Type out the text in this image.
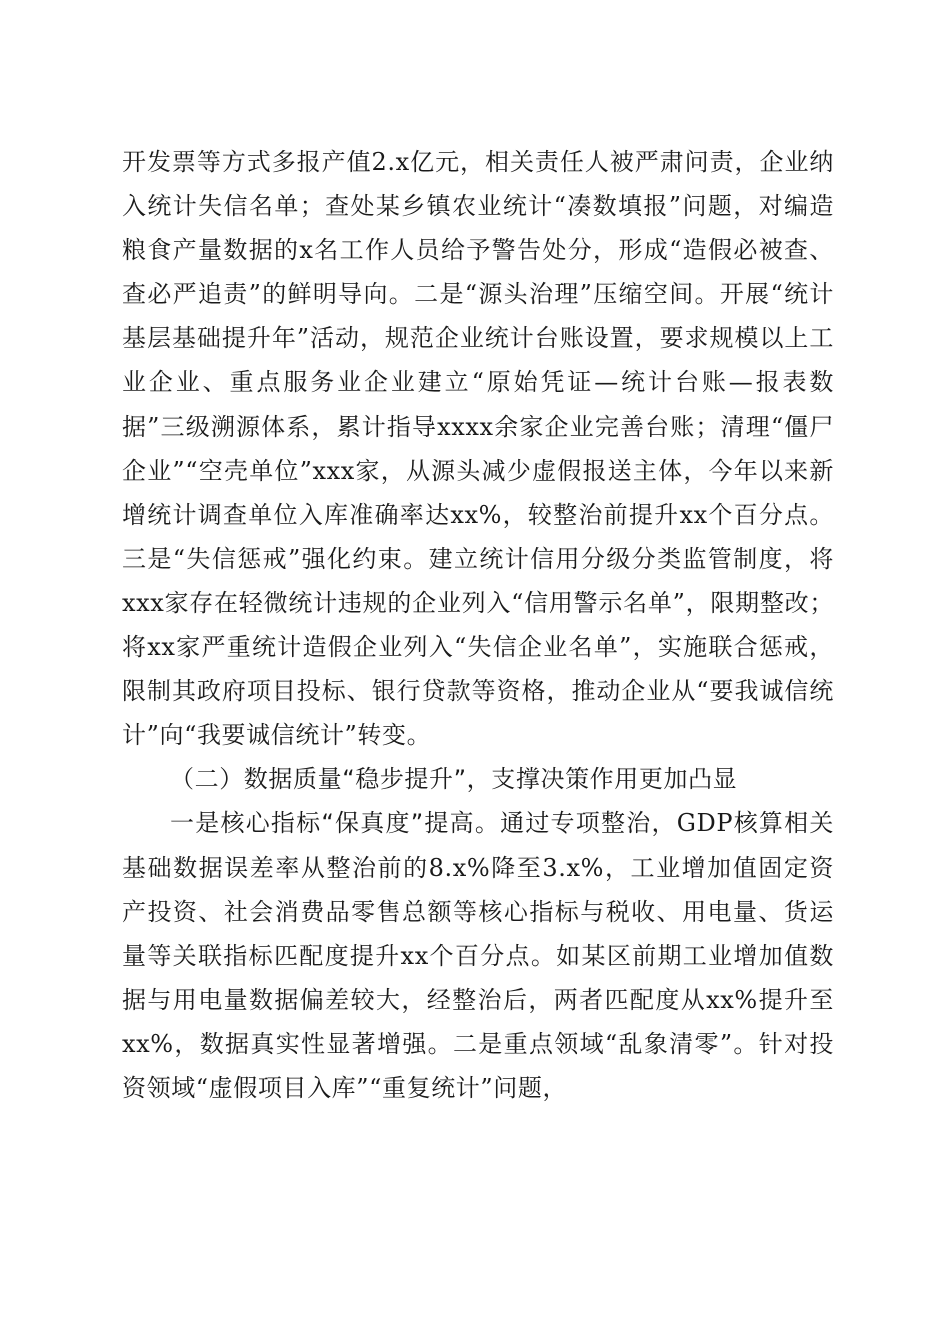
开发票等方式多报产值2.x亿元，相关责任人被严肃问责，企业纳入统计失信名单；查处某乡镇农业统计“凑数填报”问题，对编造粮食产量数据的x名工作人员给予警告处分，形成“造假必被查、查必严追责”的鲜明导向。二是“源头治理”压缩空间。开展“统计基层基础提升年”活动，规范企业统计台账设置，要求规模以上工业企业、重点服务业企业建立“原始凭证—统计台账—报表数据”三级溯源体系，累计指导xxxx余家企业完善台账；清理“僵尸企业”“空壳单位”xxx家，从源头减少虚假报送主体，今年以来新增统计调查单位入库准确率达xx%，较整治前提升xx个百分点。三是“失信惩戒”强化约束。建立统计信用分级分类监管制度，将xxx家存在轻微统计违规的企业列入“信用警示名单”，限期整改；将xx家严重统计造假企业列入“失信企业名单”，实施联合惩戒，限制其政府项目投标、银行贷款等资格，推动企业从“要我诚信统计”向“我要诚信统计”转变。

（二）数据质量“稳步提升”，支撑决策作用更加凸显

一是核心指标“保真度”提高。通过专项整治，GDP核算相关基础数据误差率从整治前的8.x%降至3.x%，工业增加值固定资产投资、社会消费品零售总额等核心指标与税收、用电量、货运量等关联指标匹配度提升xx个百分点。如某区前期工业增加值数据与用电量数据偏差较大，经整治后，两者匹配度从xx%提升至xx%，数据真实性显著增强。二是重点领域“乱象清零”。针对投资领域“虚假项目入库”“重复统计”问题，
